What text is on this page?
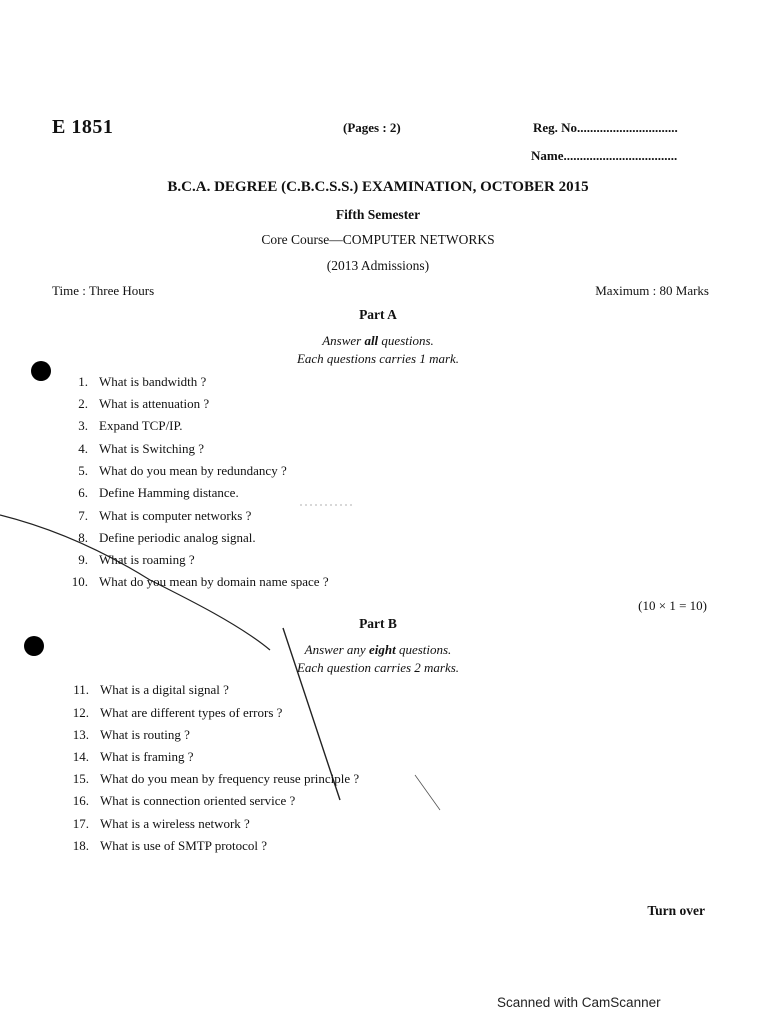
E 1851	(Pages : 2)	Reg. No...............................
Name...................................
B.C.A. DEGREE (C.B.C.S.S.) EXAMINATION, OCTOBER 2015
Fifth Semester
Core Course—COMPUTER NETWORKS
(2013 Admissions)
Time : Three Hours	Maximum : 80 Marks
Part A
Answer all questions.
Each questions carries 1 mark.
1. What is bandwidth ?
2. What is attenuation ?
3. Expand TCP/IP.
4. What is Switching ?
5. What do you mean by redundancy ?
6. Define Hamming distance.
7. What is computer networks ?
8. Define periodic analog signal.
9. What is roaming ?
10. What do you mean by domain name space ?
(10 × 1 = 10)
Part B
Answer any eight questions.
Each question carries 2 marks.
11. What is a digital signal ?
12. What are different types of errors ?
13. What is routing ?
14. What is framing ?
15. What do you mean by frequency reuse principle ?
16. What is connection oriented service ?
17. What is a wireless network ?
18. What is use of SMTP protocol ?
Turn over
Scanned with CamScanner
